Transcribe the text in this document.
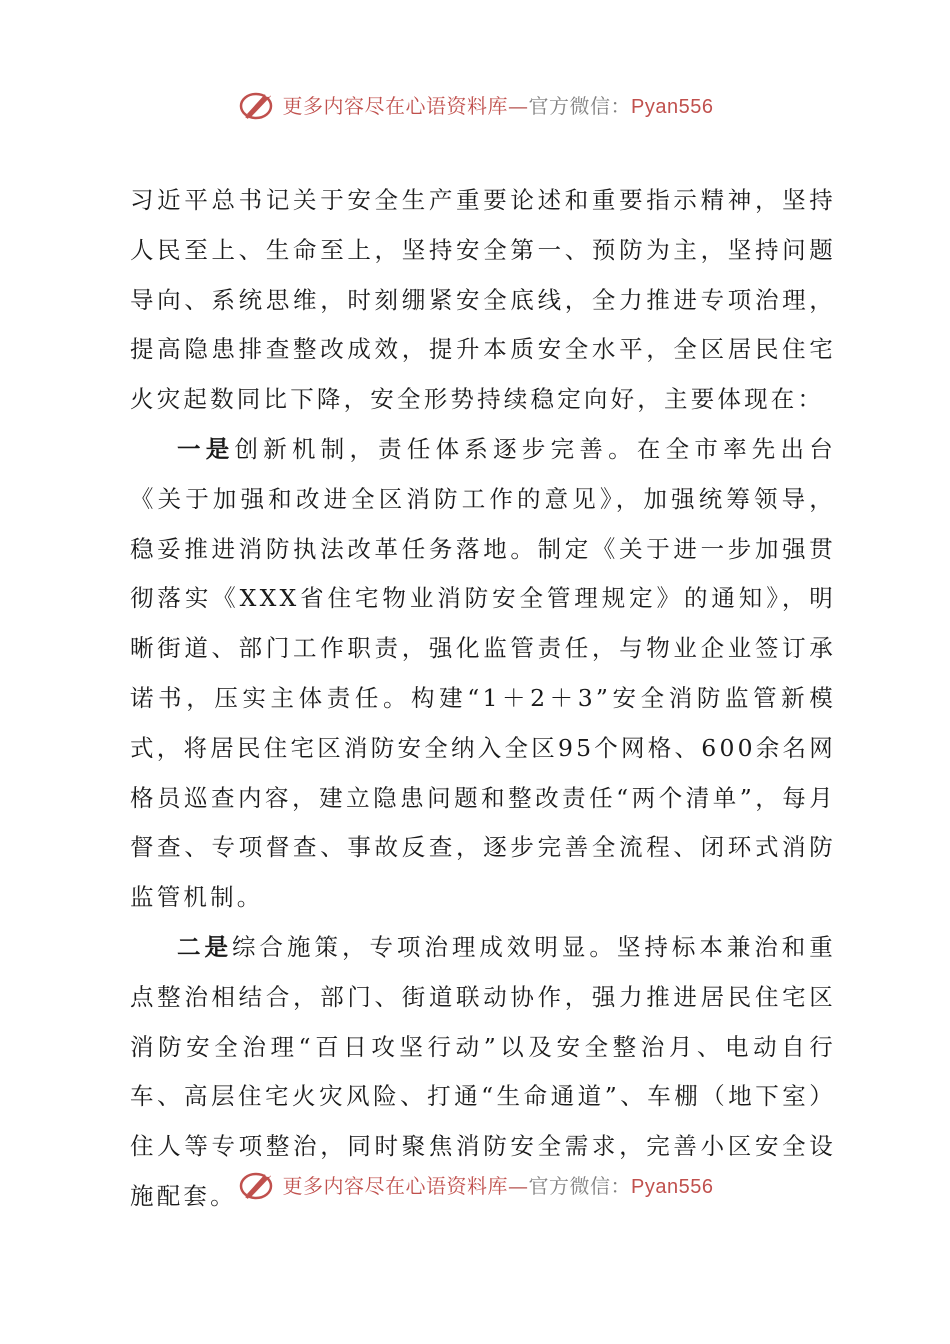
更多内容尽在心语资料库—官方微信：Pyan556

习近平总书记关于安全生产重要论述和重要指示精神，坚持人民至上、生命至上，坚持安全第一、预防为主，坚持问题导向、系统思维，时刻绷紧安全底线，全力推进专项治理，提高隐患排查整改成效，提升本质安全水平，全区居民住宅火灾起数同比下降，安全形势持续稳定向好，主要体现在：

一是创新机制，责任体系逐步完善。在全市率先出台《关于加强和改进全区消防工作的意见》，加强统筹领导，稳妥推进消防执法改革任务落地。制定《关于进一步加强贯彻落实《XXX省住宅物业消防安全管理规定》的通知》，明晰街道、部门工作职责，强化监管责任，与物业企业签订承诺书，压实主体责任。构建“1＋2＋3”安全消防监管新模式，将居民住宅区消防安全纳入全区95个网格、600余名网格员巡查内容，建立隐患问题和整改责任“两个清单”，每月督查、专项督查、事故反查，逐步完善全流程、闭环式消防监管机制。

二是综合施策，专项治理成效明显。坚持标本兼治和重点整治相结合，部门、街道联动协作，强力推进居民住宅区消防安全治理“百日攻坚行动”以及安全整治月、电动自行车、高层住宅火灾风险、打通“生命通道”、车棚（地下室）住人等专项整治，同时聚焦消防安全需求，完善小区安全设施配套。	更多内容尽在心语资料库—官方微信：Pyan556
